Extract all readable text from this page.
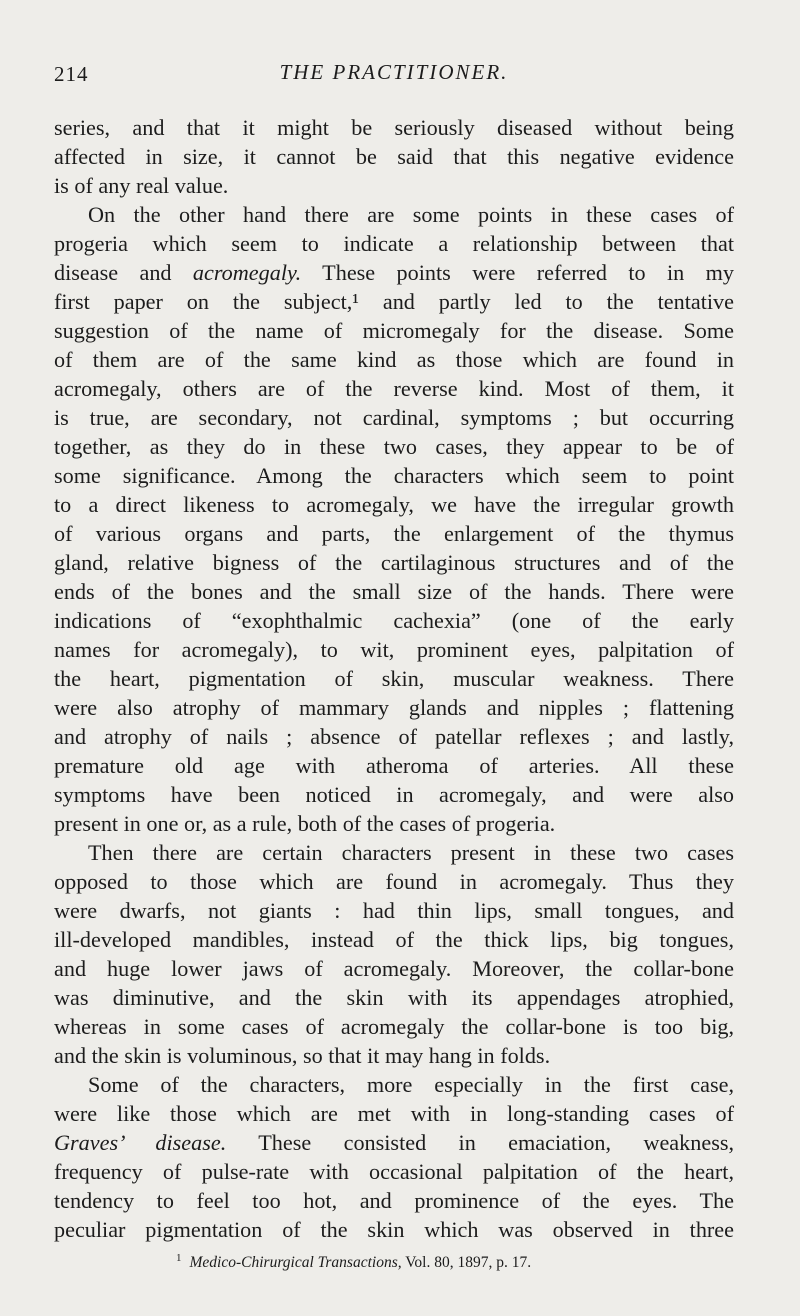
214	THE PRACTITIONER.
series, and that it might be seriously diseased without being
affected in size, it cannot be said that this negative evidence
is of any real value.
On the other hand there are some points in these cases of
progeria which seem to indicate a relationship between that
disease and acromegaly. These points were referred to in my
first paper on the subject,¹ and partly led to the tentative
suggestion of the name of micromegaly for the disease. Some
of them are of the same kind as those which are found in
acromegaly, others are of the reverse kind. Most of them, it
is true, are secondary, not cardinal, symptoms ; but occurring
together, as they do in these two cases, they appear to be of
some significance. Among the characters which seem to point
to a direct likeness to acromegaly, we have the irregular growth
of various organs and parts, the enlargement of the thymus
gland, relative bigness of the cartilaginous structures and of the
ends of the bones and the small size of the hands. There were
indications of “exophthalmic cachexia” (one of the early
names for acromegaly), to wit, prominent eyes, palpitation of
the heart, pigmentation of skin, muscular weakness. There
were also atrophy of mammary glands and nipples ; flattening
and atrophy of nails ; absence of patellar reflexes ; and lastly,
premature old age with atheroma of arteries. All these
symptoms have been noticed in acromegaly, and were also
present in one or, as a rule, both of the cases of progeria.
Then there are certain characters present in these two cases
opposed to those which are found in acromegaly. Thus they
were dwarfs, not giants : had thin lips, small tongues, and
ill-developed mandibles, instead of the thick lips, big tongues,
and huge lower jaws of acromegaly. Moreover, the collar-bone
was diminutive, and the skin with its appendages atrophied,
whereas in some cases of acromegaly the collar-bone is too big,
and the skin is voluminous, so that it may hang in folds.
Some of the characters, more especially in the first case,
were like those which are met with in long-standing cases of
Graves’ disease. These consisted in emaciation, weakness,
frequency of pulse-rate with occasional palpitation of the heart,
tendency to feel too hot, and prominence of the eyes. The
peculiar pigmentation of the skin which was observed in three
$^1$ Medico-Chirurgical Transactions, Vol. 80, 1897, p. 17.
